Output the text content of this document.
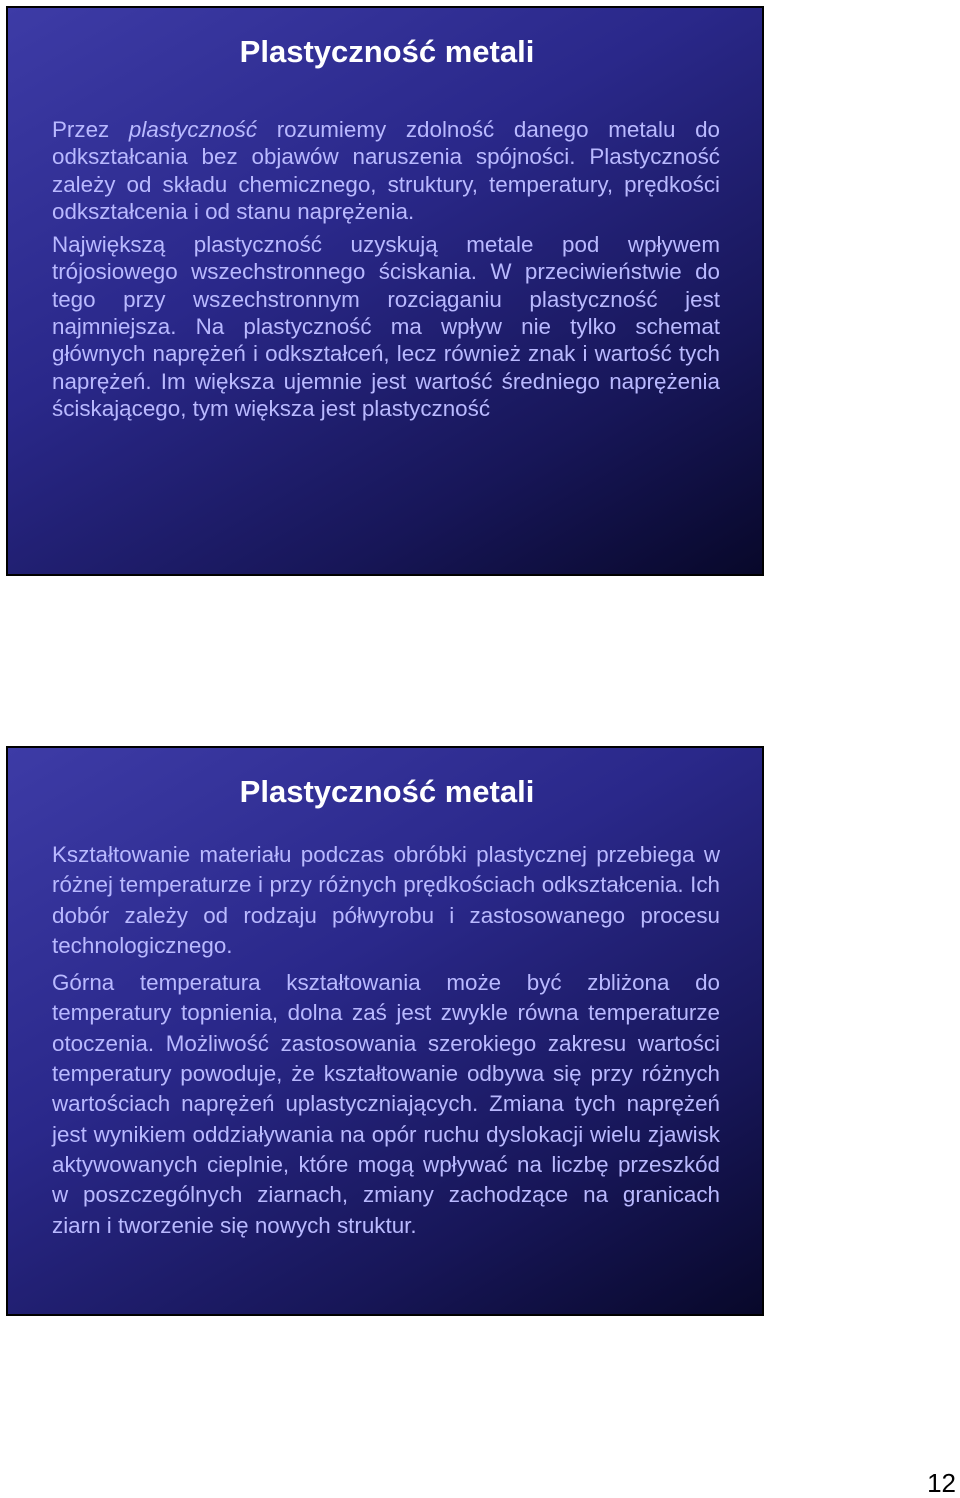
Plastyczność metali

Przez plastyczność rozumiemy zdolność danego metalu do odkształcania bez objawów naruszenia spójności. Plastyczność zależy od składu chemicznego, struktury, temperatury, prędkości odkształcenia i od stanu naprężenia.

Największą plastyczność uzyskują metale pod wpływem trójosiowego wszechstronnego ściskania. W przeciwieństwie do tego przy wszechstronnym rozciąganiu plastyczność jest najmniejsza. Na plastyczność ma wpływ nie tylko schemat głównych naprężeń i odkształceń, lecz również znak i wartość tych naprężeń. Im większa ujemnie jest wartość średniego naprężenia ściskającego, tym większa jest plastyczność

Plastyczność metali

Kształtowanie materiału podczas obróbki plastycznej przebiega w różnej temperaturze i przy różnych prędkościach odkształcenia. Ich dobór zależy od rodzaju półwyrobu i zastosowanego procesu technologicznego.

Górna temperatura kształtowania może być zbliżona do temperatury topnienia, dolna zaś jest zwykle równa temperaturze otoczenia. Możliwość zastosowania szerokiego zakresu wartości temperatury powoduje, że kształtowanie odbywa się przy różnych wartościach naprężeń uplastyczniających. Zmiana tych naprężeń jest wynikiem oddziaływania na opór ruchu dyslokacji wielu zjawisk aktywowanych cieplnie, które mogą wpływać na liczbę przeszkód w poszczególnych ziarnach, zmiany zachodzące na granicach ziarn i tworzenie się nowych struktur.

12
